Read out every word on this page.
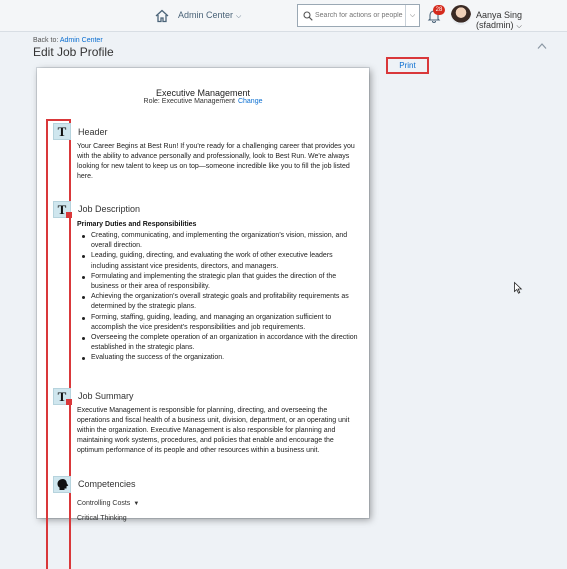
Admin Center ⌵
Search for actions or people	⌵
28	Aanya Sing (sfadmin) ⌵
Back to: Admin Center
Edit Job Profile
Print
Executive Management
Role: Executive Management Change
T	Header
Your Career Begins at Best Run! If you're ready for a challenging career that provides you with the ability to advance personally and professionally, look to Best Run. We're always looking for new talent to keep us on top—someone incredible like you to fill the job listed here.
T	Job Description
Primary Duties and Responsibilities
Creating, communicating, and implementing the organization's vision, mission, and overall direction.
Leading, guiding, directing, and evaluating the work of other executive leaders including assistant vice presidents, directors, and managers.
Formulating and implementing the strategic plan that guides the direction of the business or their area of responsibility.
Achieving the organization's overall strategic goals and profitability requirements as determined by the strategic plans.
Forming, staffing, guiding, leading, and managing an organization sufficient to accomplish the vice president's responsibilities and job requirements.
Overseeing the complete operation of an organization in accordance with the direction established in the strategic plans.
Evaluating the success of the organization.
T	Job Summary
Executive Management is responsible for planning, directing, and overseeing the operations and fiscal health of a business unit, division, department, or an operating unit within the organization. Executive Management is also responsible for planning and maintaining work systems, procedures, and policies that enable and encourage the optimum performance of its people and other resources within a business unit.
Competencies
Controlling Costs ▼
Critical Thinking
